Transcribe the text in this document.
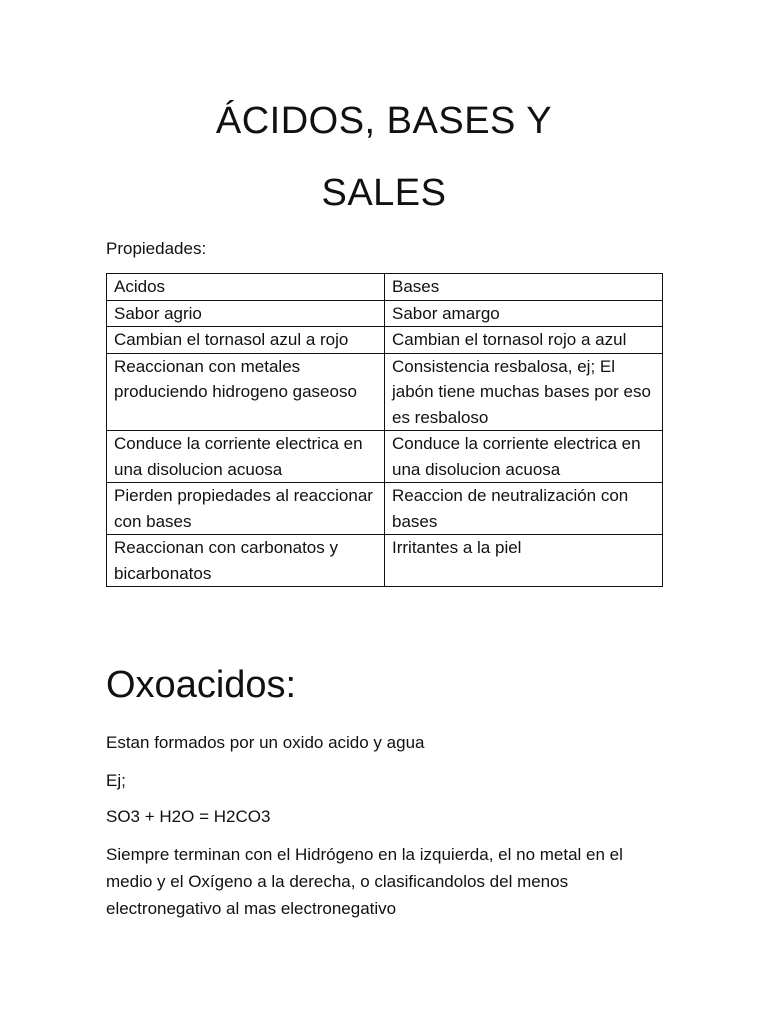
ÁCIDOS, BASES Y
SALES
Propiedades:
Acidos	Bases
Sabor agrio	Sabor amargo
Cambian el tornasol azul a rojo	Cambian el tornasol rojo a azul
Reaccionan con metales produciendo hidrogeno gaseoso	Consistencia resbalosa, ej; El jabón tiene muchas bases por eso es resbaloso
Conduce la corriente electrica en una disolucion acuosa	Conduce la corriente electrica en una disolucion acuosa
Pierden propiedades al reaccionar con bases	Reaccion de neutralización con bases
Reaccionan con carbonatos y bicarbonatos	Irritantes a la piel
Oxoacidos:
Estan formados por un oxido acido y agua
Ej;
SO3 + H2O = H2CO3
Siempre terminan con el Hidrógeno en la izquierda, el no metal en el medio y el Oxígeno a la derecha, o clasificandolos del menos electronegativo al mas electronegativo
